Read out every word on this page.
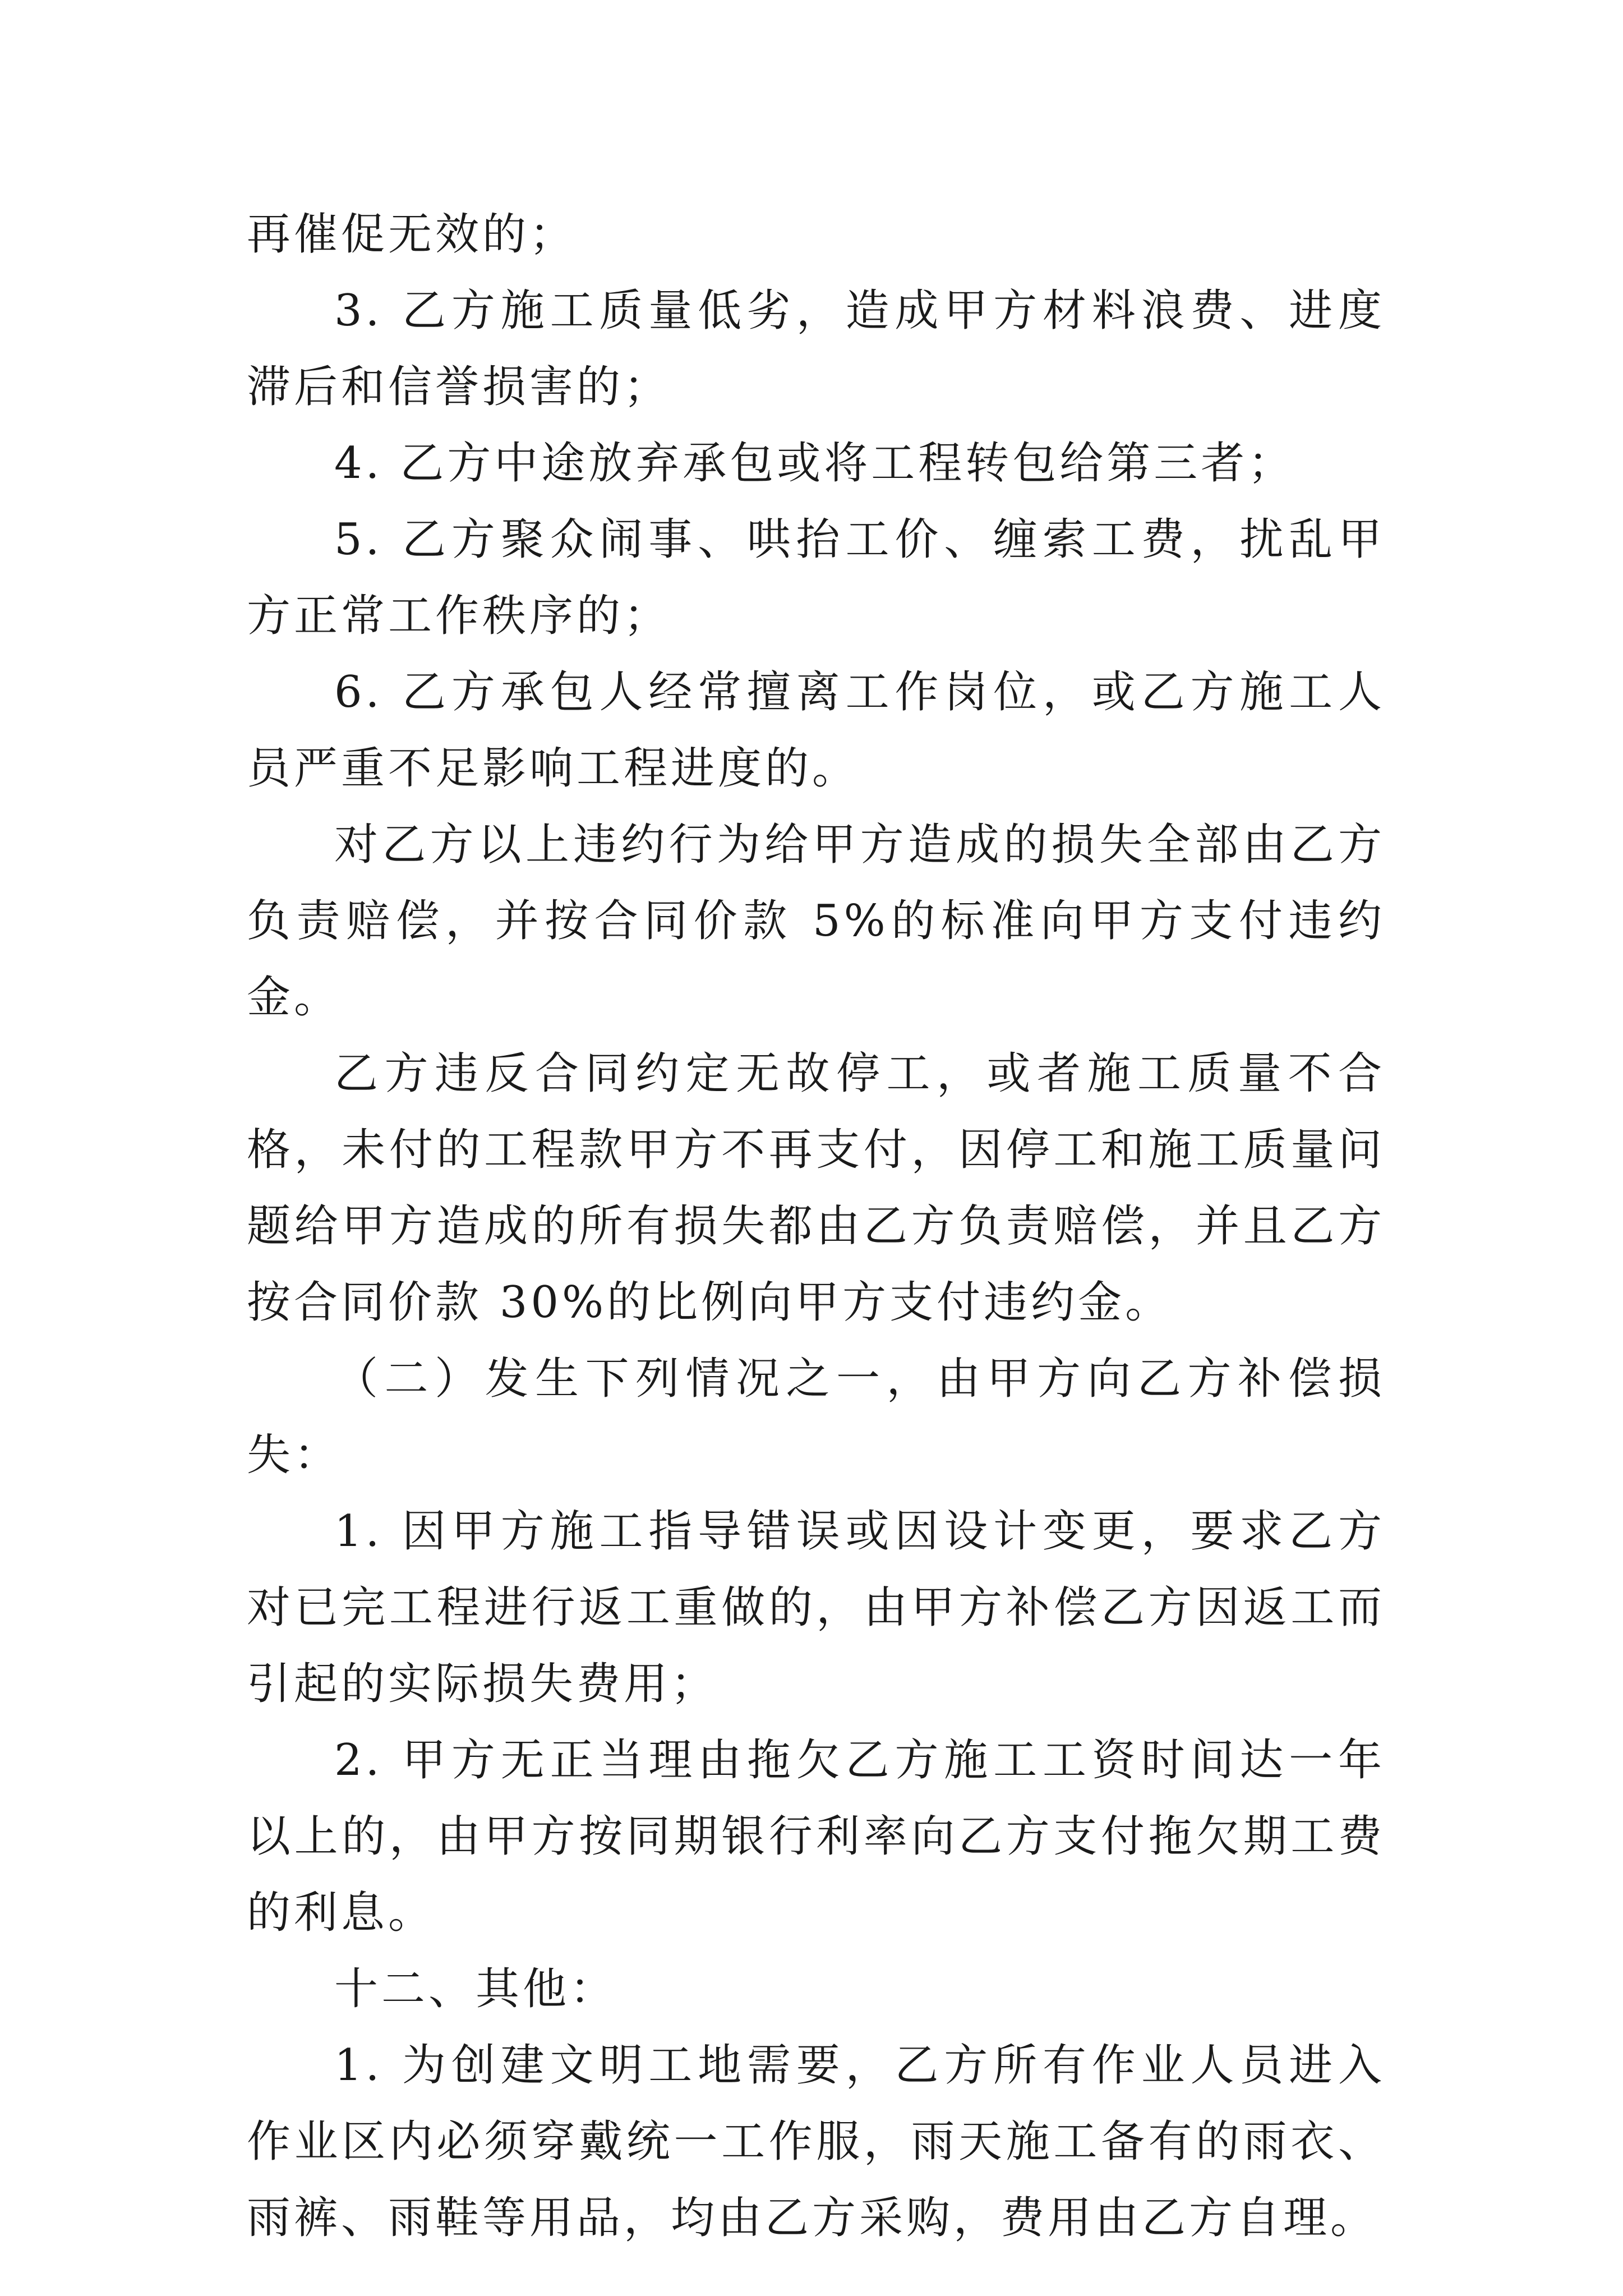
再催促无效的；

3. 乙方施工质量低劣，造成甲方材料浪费、进度滞后和信誉损害的；

4. 乙方中途放弃承包或将工程转包给第三者；

5. 乙方聚众闹事、哄抬工价、缠索工费，扰乱甲方正常工作秩序的；

6. 乙方承包人经常擅离工作岗位，或乙方施工人员严重不足影响工程进度的。

对乙方以上违约行为给甲方造成的损失全部由乙方负责赔偿，并按合同价款 5%的标准向甲方支付违约金。

乙方违反合同约定无故停工，或者施工质量不合格，未付的工程款甲方不再支付，因停工和施工质量问题给甲方造成的所有损失都由乙方负责赔偿，并且乙方按合同价款 30%的比例向甲方支付违约金。

（二）发生下列情况之一，由甲方向乙方补偿损失：

1. 因甲方施工指导错误或因设计变更，要求乙方对已完工程进行返工重做的，由甲方补偿乙方因返工而引起的实际损失费用；

2. 甲方无正当理由拖欠乙方施工工资时间达一年以上的，由甲方按同期银行利率向乙方支付拖欠期工费的利息。

十二、其他：

1. 为创建文明工地需要，乙方所有作业人员进入作业区内必须穿戴统一工作服，雨天施工备有的雨衣、雨裤、雨鞋等用品，均由乙方采购，费用由乙方自理。
